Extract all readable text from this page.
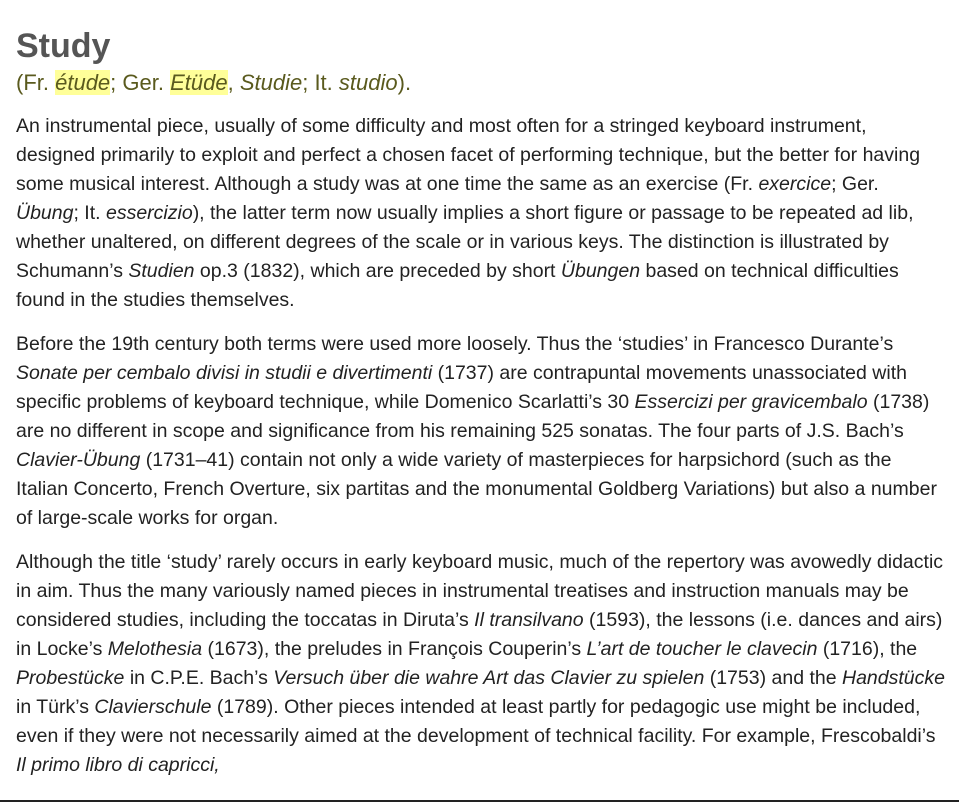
Study
(Fr. étude; Ger. Etüde, Studie; It. studio).

An instrumental piece, usually of some difficulty and most often for a stringed keyboard instrument, designed primarily to exploit and perfect a chosen facet of performing technique, but the better for having some musical interest. Although a study was at one time the same as an exercise (Fr. exercice; Ger. Übung; It. essercizio), the latter term now usually implies a short figure or passage to be repeated ad lib, whether unaltered, on different degrees of the scale or in various keys. The distinction is illustrated by Schumann’s Studien op.3 (1832), which are preceded by short Übungen based on technical difficulties found in the studies themselves.

Before the 19th century both terms were used more loosely. Thus the ‘studies’ in Francesco Durante’s Sonate per cembalo divisi in studii e divertimenti (1737) are contrapuntal movements unassociated with specific problems of keyboard technique, while Domenico Scarlatti’s 30 Essercizi per gravicembalo (1738) are no different in scope and significance from his remaining 525 sonatas. The four parts of J.S. Bach’s Clavier-Übung (1731–41) contain not only a wide variety of masterpieces for harpsichord (such as the Italian Concerto, French Overture, six partitas and the monumental Goldberg Variations) but also a number of large-scale works for organ.

Although the title ‘study’ rarely occurs in early keyboard music, much of the repertory was avowedly didactic in aim. Thus the many variously named pieces in instrumental treatises and instruction manuals may be considered studies, including the toccatas in Diruta’s Il transilvano (1593), the lessons (i.e. dances and airs) in Locke’s Melothesia (1673), the preludes in François Couperin’s L’art de toucher le clavecin (1716), the Probestücke in C.P.E. Bach’s Versuch über die wahre Art das Clavier zu spielen (1753) and the Handstücke in Türk’s Clavierschule (1789). Other pieces intended at least partly for pedagogic use might be included, even if they were not necessarily aimed at the development of technical facility. For example, Frescobaldi’s Il primo libro di capricci,
